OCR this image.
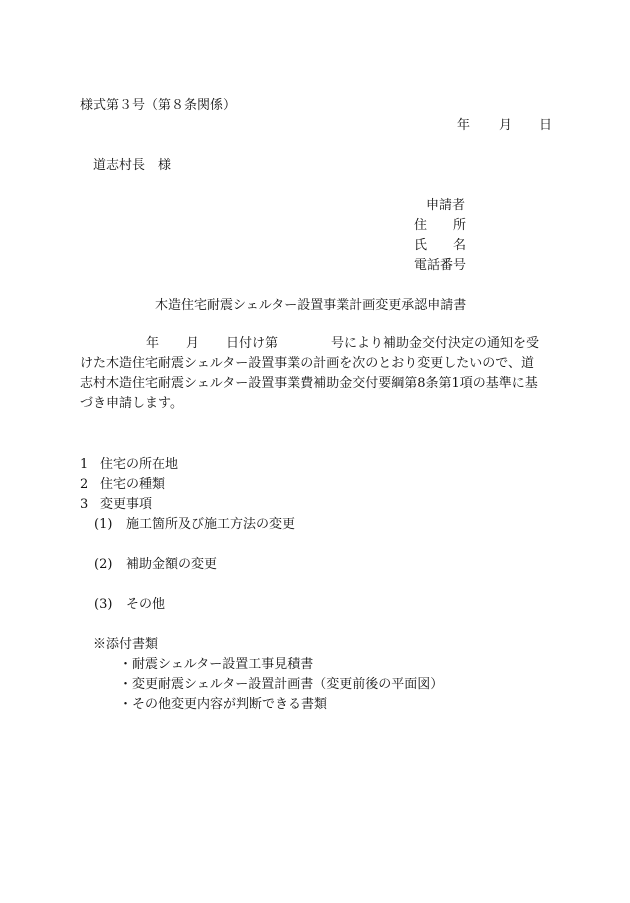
様式第３号（第８条関係）
年 月 日
道志村長　様
申請者
住　　所
氏　　名
電話番号
木造住宅耐震シェルター設置事業計画変更承認申請書
年 月 日付け第	号により補助金交付決定の通知を受
けた木造住宅耐震シェルター設置事業の計画を次のとおり変更したいので、道
志村木造住宅耐震シェルター設置事業費補助金交付要綱第8条第1項の基準に基
づき申請します。
1 住宅の所在地
2 住宅の種類
3 変更事項
(1) 施工箇所及び施工方法の変更
(2) 補助金額の変更
(3) その他
※添付書類
・耐震シェルター設置工事見積書
・変更耐震シェルター設置計画書（変更前後の平面図）
・その他変更内容が判断できる書類
